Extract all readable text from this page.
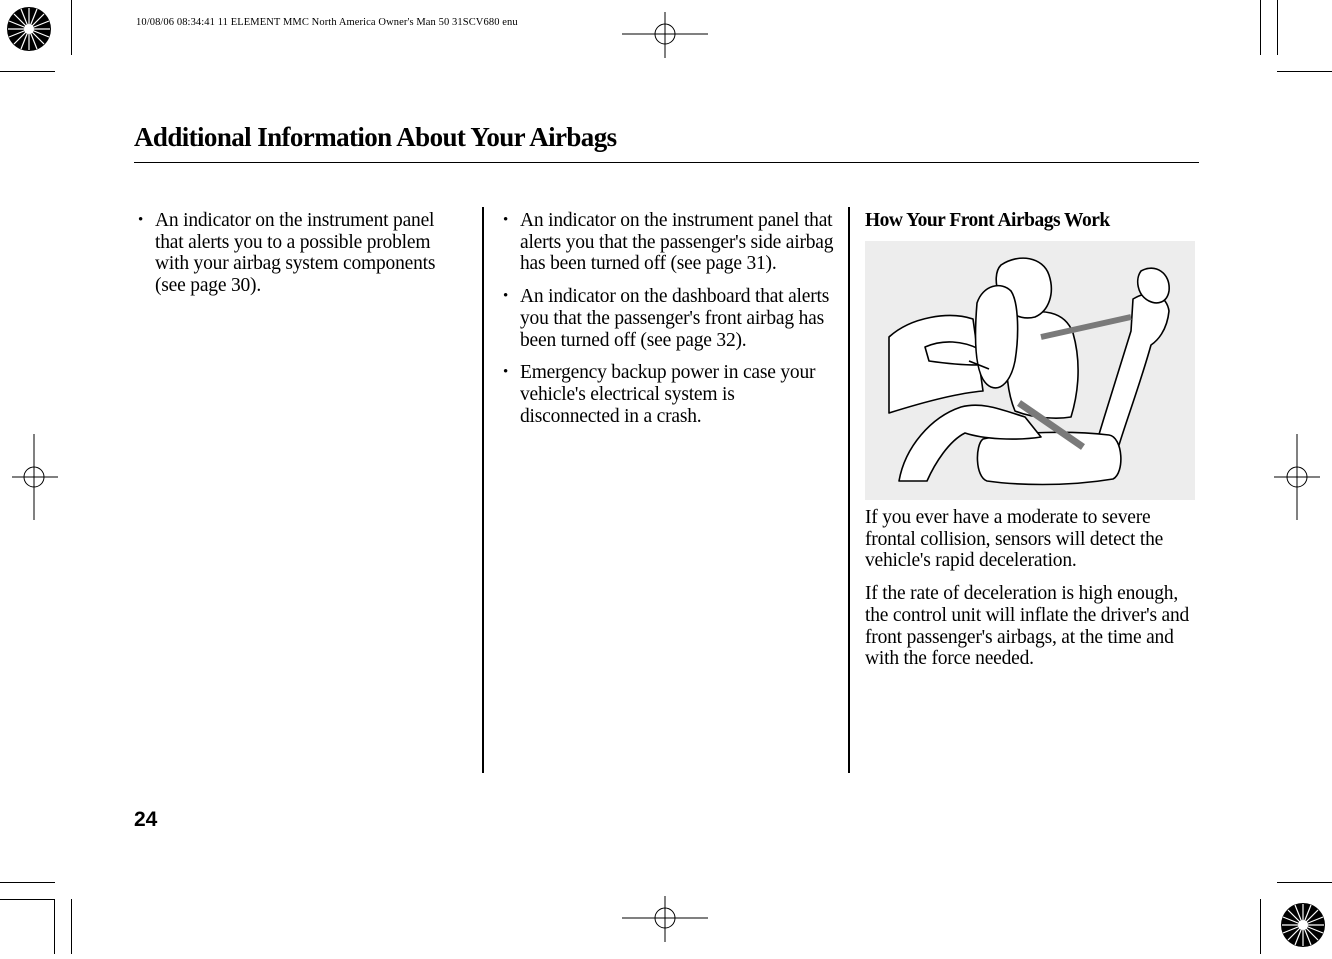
10/08/06 08:34:41 11 ELEMENT MMC North America Owner's Man 50 31SCV680 enu
Additional Information About Your Airbags
• An indicator on the instrument panel that alerts you to a possible problem with your airbag system components (see page 30).
• An indicator on the instrument panel that alerts you that the passenger's side airbag has been turned off (see page 31).
• An indicator on the dashboard that alerts you that the passenger's front airbag has been turned off (see page 32).
• Emergency backup power in case your vehicle's electrical system is disconnected in a crash.
How Your Front Airbags Work

If you ever have a moderate to severe frontal collision, sensors will detect the vehicle's rapid deceleration.

If the rate of deceleration is high enough, the control unit will inflate the driver's and front passenger's airbags, at the time and with the force needed.

24
